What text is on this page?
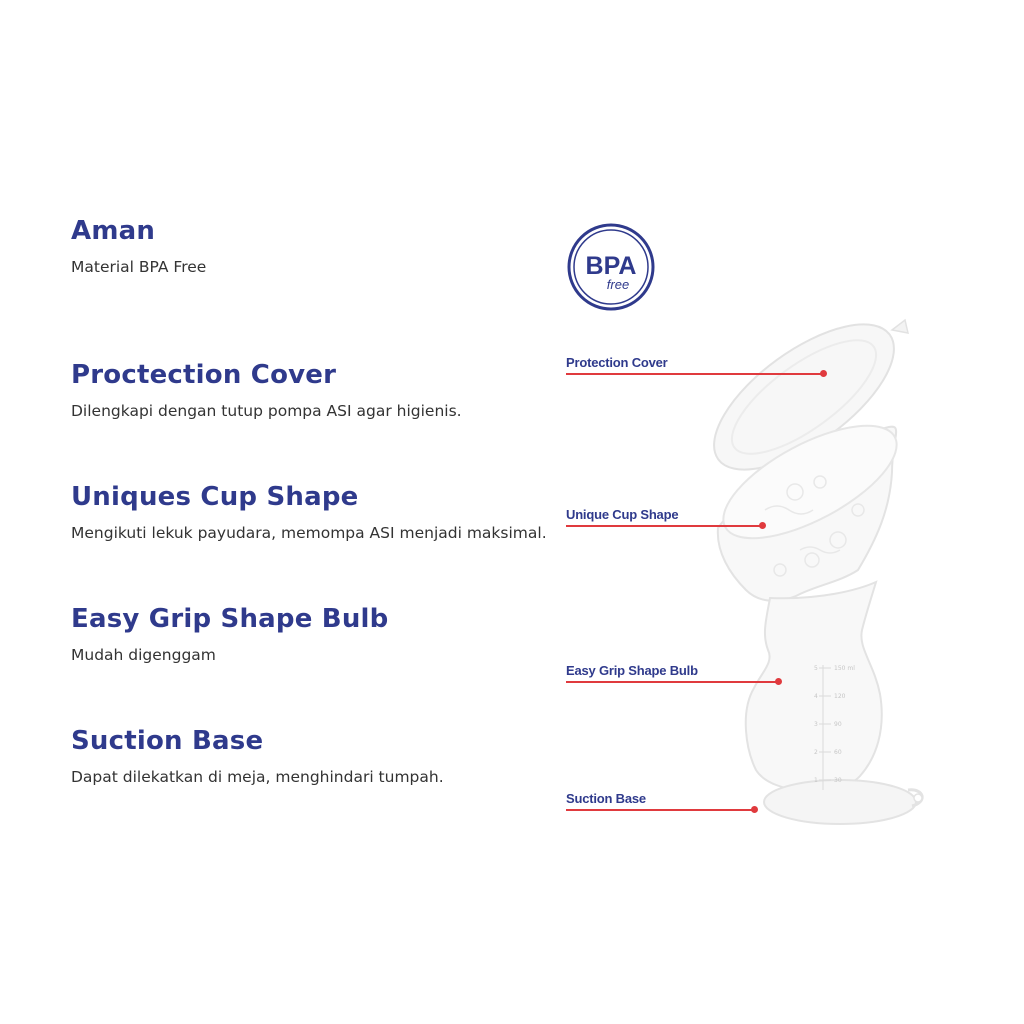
Aman

Material BPA Free

Proctection Cover

Dilengkapi dengan tutup pompa ASI agar higienis.

Uniques Cup Shape

Mengikuti lekuk payudara, memompa ASI menjadi maksimal.

Easy Grip Shape Bulb

Mudah digenggam

Suction Base

Dapat dilekatkan di meja, menghindari tumpah.

150 ml
120
90
60
30
5
4
3
2
1
BPA
free
Protection Cover
Unique Cup Shape
Easy Grip Shape Bulb
Suction Base
